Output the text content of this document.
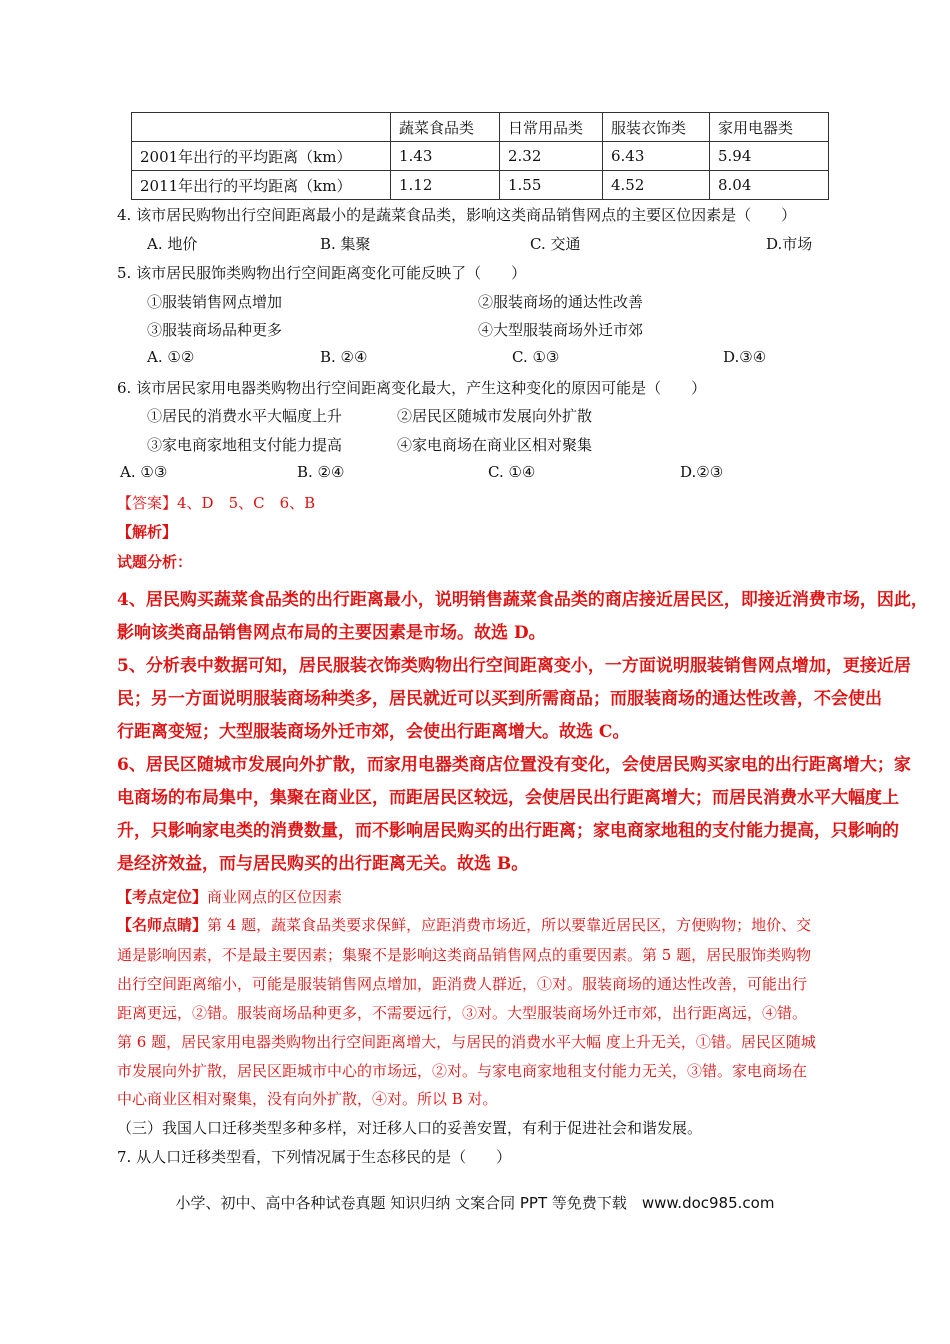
	蔬菜食品类	日常用品类	服装衣饰类	家用电器类
2001年出行的平均距离（km）	1.43	2.32	6.43	5.94
2011年出行的平均距离（km）	1.12	1.55	4.52	8.04
4. 该市居民购物出行空间距离最小的是蔬菜食品类，影响这类商品销售网点的主要区位因素是（　　）
A. 地价	B. 集聚	C. 交通	D.市场
5. 该市居民服饰类购物出行空间距离变化可能反映了（　　）
①服装销售网点增加	②服装商场的通达性改善
③服装商场品种更多	④大型服装商场外迁市郊
A. ①②	B. ②④	C. ①③	D.③④
6. 该市居民家用电器类购物出行空间距离变化最大，产生这种变化的原因可能是（　　）
①居民的消费水平大幅度上升	②居民区随城市发展向外扩散
③家电商家地租支付能力提高	④家电商场在商业区相对聚集
A. ①③	B. ②④	C. ①④	D.②③
【答案】4、D　5、C　6、B
【解析】
试题分析：
4、居民购买蔬菜食品类的出行距离最小，说明销售蔬菜食品类的商店接近居民区，即接近消费市场，因此，
影响该类商品销售网点布局的主要因素是市场。故选 D。
5、分析表中数据可知，居民服装衣饰类购物出行空间距离变小，一方面说明服装销售网点增加，更接近居
民；另一方面说明服装商场种类多，居民就近可以买到所需商品；而服装商场的通达性改善，不会使出
行距离变短；大型服装商场外迁市郊，会使出行距离增大。故选 C。
6、居民区随城市发展向外扩散，而家用电器类商店位置没有变化，会使居民购买家电的出行距离增大；家
电商场的布局集中，集聚在商业区，而距居民区较远，会使居民出行距离增大；而居民消费水平大幅度上
升，只影响家电类的消费数量，而不影响居民购买的出行距离；家电商家地租的支付能力提高，只影响的
是经济效益，而与居民购买的出行距离无关。故选 B。
【考点定位】商业网点的区位因素
【名师点睛】第 4 题，蔬菜食品类要求保鲜，应距消费市场近，所以要靠近居民区，方便购物；地价、交
通是影响因素，不是最主要因素；集聚不是影响这类商品销售网点的重要因素。第 5 题，居民服饰类购物
出行空间距离缩小，可能是服装销售网点增加，距消费人群近，①对。服装商场的通达性改善，可能出行
距离更远，②错。服装商场品种更多，不需要远行，③对。大型服装商场外迁市郊，出行距离远，④错。
第 6 题，居民家用电器类购物出行空间距离增大，与居民的消费水平大幅 度上升无关，①错。居民区随城
市发展向外扩散，居民区距城市中心的市场远，②对。与家电商家地租支付能力无关，③错。家电商场在
中心商业区相对聚集，没有向外扩散，④对。所以 B 对。
（三）我国人口迁移类型多种多样，对迁移人口的妥善安置，有利于促进社会和谐发展。
7. 从人口迁移类型看，下列情况属于生态移民的是（　　）
小学、初中、高中各种试卷真题 知识归纳 文案合同 PPT 等免费下载　www.doc985.com
